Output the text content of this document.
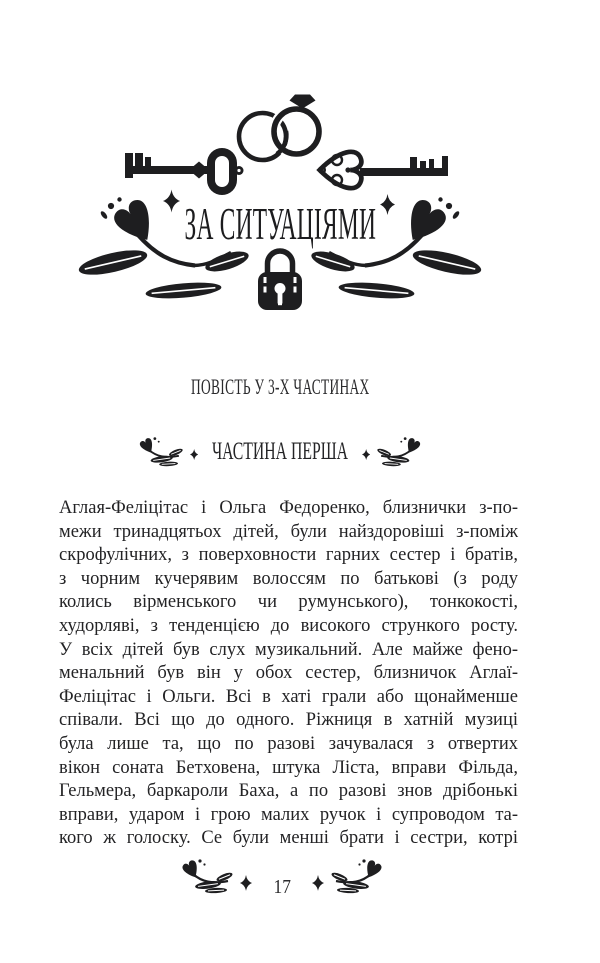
ЗА СИТУАЦІЯМИ
ПОВІСТЬ У 3-Х ЧАСТИНАХ
ЧАСТИНА ПЕРША
Аглая-Феліцітас і Ольга Федоренко, близнички з-по-
межи тринадцятьох дітей, були найздоровіші з-поміж
скрофулічних, з поверховности гарних сестер і братів,
з чорним кучерявим волоссям по батькові (з роду
колись вірменського чи румунського), тонкокості,
худорляві, з тенденцією до високого стрункого росту.
У всіх дітей був слух музикальний. Але майже фено-
менальний був він у обох сестер, близничок Аглаї-
Феліцітас і Ольги. Всі в хаті грали або щонайменше
співали. Всі що до одного. Ріжниця в хатній музиці
була лише та, що по разові зачувалася з отвертих
вікон соната Бетховена, штука Ліста, вправи Фільда,
Гельмера, баркароли Баха, а по разові знов дрібонькі
вправи, ударом і грою малих ручок і супроводом та-
кого ж голоску. Се були менші брати і сестри, котрі
17
